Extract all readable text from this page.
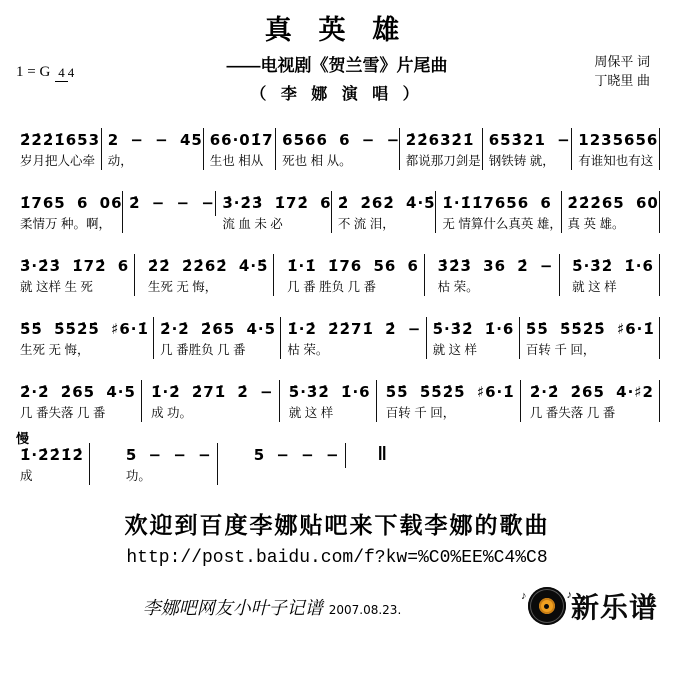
真 英 雄
——电视剧《贺兰雪》片尾曲
（ 李 娜 演 唱 ）
周保平 词
丁晓里 曲
1 = G 4 4
2̇2̇2̇1̇653
岁月把人心牵
2 − − 45
动，
66·01̇7
生也 相从
6566 6 − −
死也 相 从。
2̇2̇632̇1̇
都说那刀剑是
653̇21 −
钢铁铸 就，
1235656
有谁知也有这
1̇765 6 06
柔情万 种。啊，
2̇ − − − 3̇·2̇3̇ 1̇72̇ 6
流 血 未 必
2̇ 2̇62̇ 4̇·5̇
不 流 泪，
1̇·1̇1̇7656 6
无 情算什么真英 雄，
2̇2̇2̇65 60
真 英 雄。
3̇·2̇3̇ 1̇72̇ 6
就 这样 生 死
2̇2̇ 2̇2̇62̇ 4̇·5̇
生死 无 悔，
1̇·1̇ 1̇76 56 6
几 番 胜负 几 番
3̇2̇3̇ 36 2̇ −
枯 荣。
5̇·3̇2̇ 1̇·6
就 这 样
5̇5̇ 5̇5̇2̇5̇ ♯6·1̇
生死 无 悔，
2̇·2̇ 2̇65 4·5
几 番胜负 几 番
1̇·2̇ 2̇2̇71̇ 2̇ −
枯 荣。
5̇·3̇2̇ 1̇·6
就 这 样
5̇5̇ 5̇5̇2̇5̇ ♯6·1̇
百转 千 回，
2̇·2̇ 2̇65 4·5
几 番失落 几 番
1̇·2̇ 2̇71̇ 2̇ −
成 功。
5̇·3̇2̇ 1̇·6
就 这 样
5̇5̇ 5̇5̇2̇5̇ ♯6·1̇
百转 千 回，
2̇·2̇ 2̇65 4·♯2
几 番失落 几 番
慢
1̇·2̇2̇1̇2̇
成
5 − − −
功。
5 − − − ‖
欢迎到百度李娜贴吧来下载李娜的歌曲
http://post.baidu.com/f?kw=%C0%EE%C4%C8
李娜吧网友小叶子记谱 2007.08.23.
♪	♪ 新乐谱
